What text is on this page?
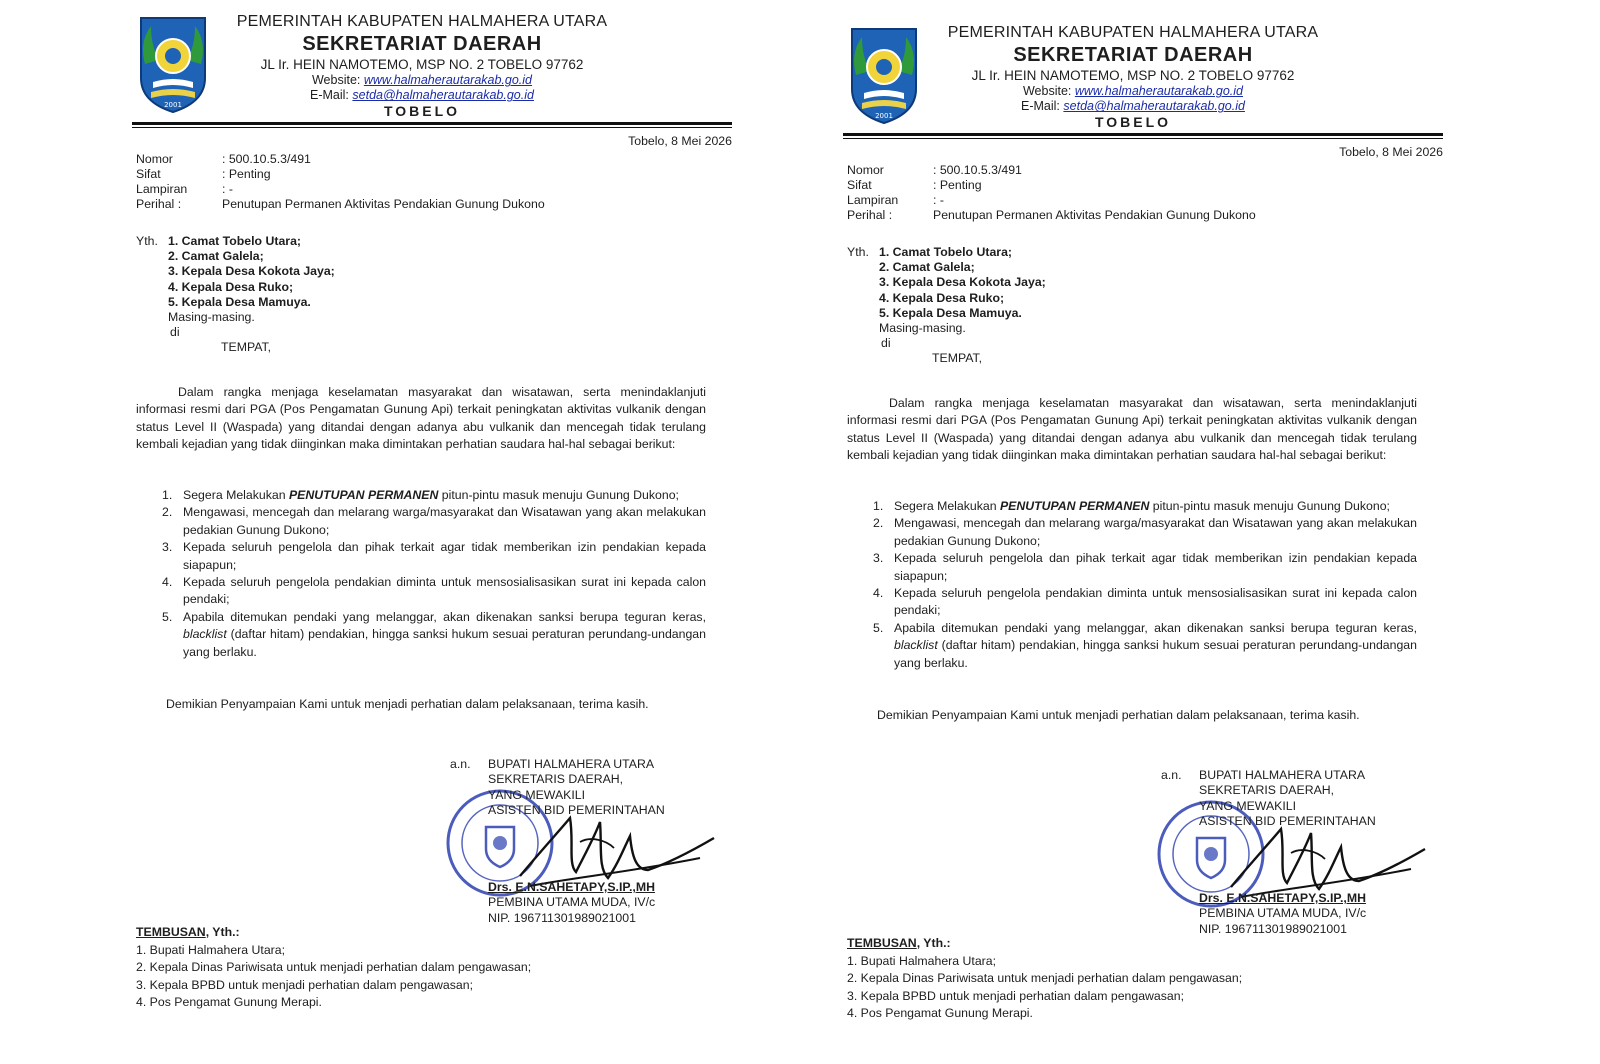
2001
PEMERINTAH KABUPATEN HALMAHERA UTARA
SEKRETARIAT DAERAH
JL Ir. HEIN NAMOTEMO, MSP NO. 2 TOBELO 97762
Website: www.halmaherautarakab.go.id
E-Mail: setda@halmaherautarakab.go.id
TOBELO
Tobelo, 8 Mei 2026
Nomor	: 500.10.5.3/491
Sifat	: Penting
Lampiran	: -
Perihal :	Penutupan Permanen Aktivitas Pendakian Gunung Dukono
Yth. 1. Camat Tobelo Utara;
2. Camat Galela;
3. Kepala Desa Kokota Jaya;
4. Kepala Desa Ruko;
5. Kepala Desa Mamuya.
Masing-masing.
di
TEMPAT,

Dalam rangka menjaga keselamatan masyarakat dan wisatawan, serta menindaklanjuti informasi resmi dari PGA (Pos Pengamatan Gunung Api) terkait peningkatan aktivitas vulkanik dengan status Level II (Waspada) yang ditandai dengan adanya abu vulkanik dan mencegah tidak terulang kembali kejadian yang tidak diinginkan maka dimintakan perhatian saudara hal-hal sebagai berikut:

1. Segera Melakukan PENUTUPAN PERMANEN pitun-pintu masuk menuju Gunung Dukono;
2. Mengawasi, mencegah dan melarang warga/masyarakat dan Wisatawan yang akan melakukan pedakian Gunung Dukono;
3. Kepada seluruh pengelola dan pihak terkait agar tidak memberikan izin pendakian kepada siapapun;
4. Kepada seluruh pengelola pendakian diminta untuk mensosialisasikan surat ini kepada calon pendaki;
5. Apabila ditemukan pendaki yang melanggar, akan dikenakan sanksi berupa teguran keras, blacklist (daftar hitam) pendakian, hingga sanksi hukum sesuai peraturan perundang-undangan yang berlaku.
Demikian Penyampaian Kami untuk menjadi perhatian dalam pelaksanaan, terima kasih.
a.n.	BUPATI HALMAHERA UTARA
SEKRETARIS DAERAH,
YANG MEWAKILI
ASISTEN BID PEMERINTAHAN
Drs. E.N.SAHETAPY,S.IP.,MH
PEMBINA UTAMA MUDA, IV/c
NIP. 196711301989021001
TEMBUSAN, Yth.:
1. Bupati Halmahera Utara;
2. Kepala Dinas Pariwisata untuk menjadi perhatian dalam pengawasan;
3. Kepala BPBD untuk menjadi perhatian dalam pengawasan;
4. Pos Pengamat Gunung Merapi.
2001
PEMERINTAH KABUPATEN HALMAHERA UTARA
SEKRETARIAT DAERAH
JL Ir. HEIN NAMOTEMO, MSP NO. 2 TOBELO 97762
Website: www.halmaherautarakab.go.id
E-Mail: setda@halmaherautarakab.go.id
TOBELO
Tobelo, 8 Mei 2026
Nomor	: 500.10.5.3/491
Sifat	: Penting
Lampiran	: -
Perihal :	Penutupan Permanen Aktivitas Pendakian Gunung Dukono
Yth. 1. Camat Tobelo Utara;
2. Camat Galela;
3. Kepala Desa Kokota Jaya;
4. Kepala Desa Ruko;
5. Kepala Desa Mamuya.
Masing-masing.
di
TEMPAT,

Dalam rangka menjaga keselamatan masyarakat dan wisatawan, serta menindaklanjuti informasi resmi dari PGA (Pos Pengamatan Gunung Api) terkait peningkatan aktivitas vulkanik dengan status Level II (Waspada) yang ditandai dengan adanya abu vulkanik dan mencegah tidak terulang kembali kejadian yang tidak diinginkan maka dimintakan perhatian saudara hal-hal sebagai berikut:

1. Segera Melakukan PENUTUPAN PERMANEN pitun-pintu masuk menuju Gunung Dukono;
2. Mengawasi, mencegah dan melarang warga/masyarakat dan Wisatawan yang akan melakukan pedakian Gunung Dukono;
3. Kepada seluruh pengelola dan pihak terkait agar tidak memberikan izin pendakian kepada siapapun;
4. Kepada seluruh pengelola pendakian diminta untuk mensosialisasikan surat ini kepada calon pendaki;
5. Apabila ditemukan pendaki yang melanggar, akan dikenakan sanksi berupa teguran keras, blacklist (daftar hitam) pendakian, hingga sanksi hukum sesuai peraturan perundang-undangan yang berlaku.
Demikian Penyampaian Kami untuk menjadi perhatian dalam pelaksanaan, terima kasih.
a.n.	BUPATI HALMAHERA UTARA
SEKRETARIS DAERAH,
YANG MEWAKILI
ASISTEN BID PEMERINTAHAN
Drs. E.N.SAHETAPY,S.IP.,MH
PEMBINA UTAMA MUDA, IV/c
NIP. 196711301989021001
TEMBUSAN, Yth.:
1. Bupati Halmahera Utara;
2. Kepala Dinas Pariwisata untuk menjadi perhatian dalam pengawasan;
3. Kepala BPBD untuk menjadi perhatian dalam pengawasan;
4. Pos Pengamat Gunung Merapi.
